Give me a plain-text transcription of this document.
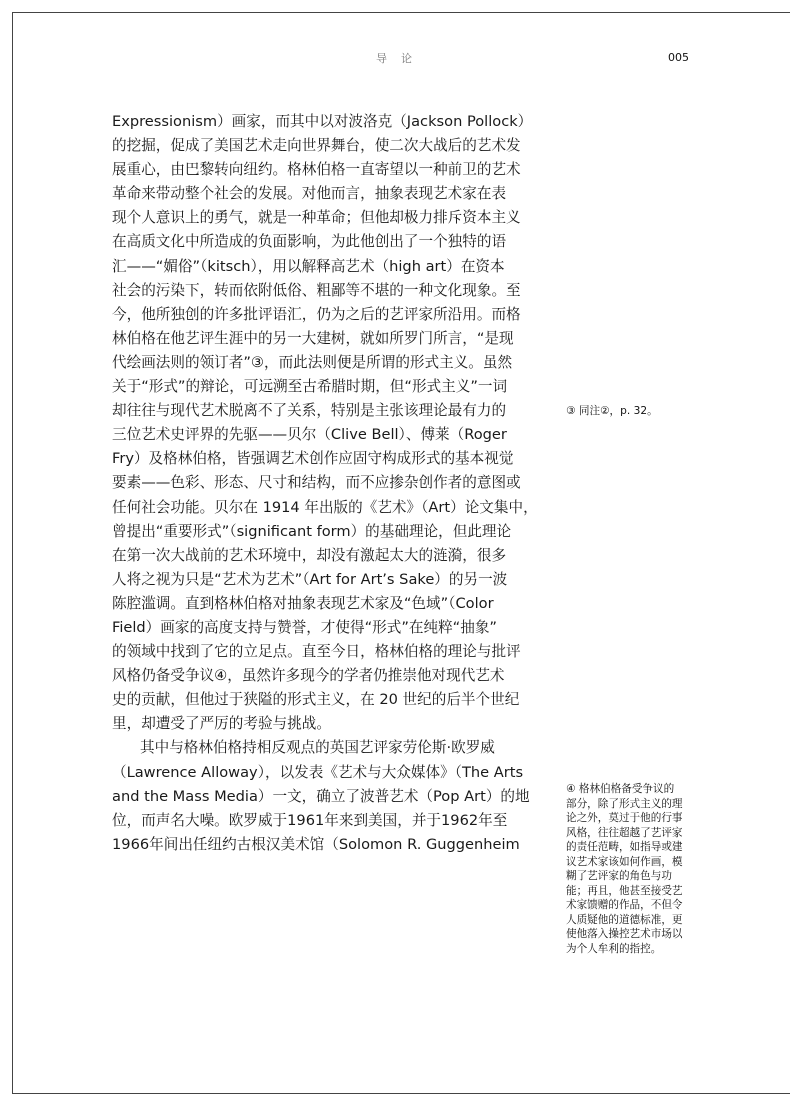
导论	005
Expressionism）画家，而其中以对波洛克（Jackson Pollock）
的挖掘，促成了美国艺术走向世界舞台，使二次大战后的艺术发
展重心，由巴黎转向纽约。格林伯格一直寄望以一种前卫的艺术
革命来带动整个社会的发展。对他而言，抽象表现艺术家在表
现个人意识上的勇气，就是一种革命；但他却极力排斥资本主义
在高质文化中所造成的负面影响，为此他创出了一个独特的语
汇——“媚俗”（kitsch），用以解释高艺术（high art）在资本
社会的污染下，转而依附低俗、粗鄙等不堪的一种文化现象。至
今，他所独创的许多批评语汇，仍为之后的艺评家所沿用。而格
林伯格在他艺评生涯中的另一大建树，就如所罗门所言，“是现
代绘画法则的领订者”③，而此法则便是所谓的形式主义。虽然
关于“形式”的辩论，可远溯至古希腊时期，但“形式主义”一词
却往往与现代艺术脱离不了关系，特别是主张该理论最有力的
三位艺术史评界的先驱——贝尔（Clive Bell）、傅莱（Roger
Fry）及格林伯格，皆强调艺术创作应固守构成形式的基本视觉
要素——色彩、形态、尺寸和结构，而不应掺杂创作者的意图或
任何社会功能。贝尔在 1914 年出版的《艺术》（Art）论文集中，
曾提出“重要形式”（significant form）的基础理论，但此理论
在第一次大战前的艺术环境中，却没有激起太大的涟漪，很多
人将之视为只是“艺术为艺术”（Art for Art’s Sake）的另一波
陈腔滥调。直到格林伯格对抽象表现艺术家及“色域”（Color
Field）画家的高度支持与赞誉，才使得“形式”在纯粹“抽象”
的领域中找到了它的立足点。直至今日，格林伯格的理论与批评
风格仍备受争议④，虽然许多现今的学者仍推崇他对现代艺术
史的贡献，但他过于狭隘的形式主义，在 20 世纪的后半个世纪
里，却遭受了严厉的考验与挑战。
其中与格林伯格持相反观点的英国艺评家劳伦斯·欧罗威
（Lawrence Alloway），以发表《艺术与大众媒体》（The Arts
and the Mass Media）一文，确立了波普艺术（Pop Art）的地
位，而声名大噪。欧罗威于1961年来到美国，并于1962年至
1966年间出任纽约古根汉美术馆（Solomon R. Guggenheim
③ 同注②，p. 32。
④ 格林伯格备受争议的
部分，除了形式主义的理
论之外，莫过于他的行事
风格，往往超越了艺评家
的责任范畴，如指导或建
议艺术家该如何作画，模
糊了艺评家的角色与功
能；再且，他甚至接受艺
术家馈赠的作品，不但令
人质疑他的道德标准，更
使他落入操控艺术市场以
为个人牟利的指控。
